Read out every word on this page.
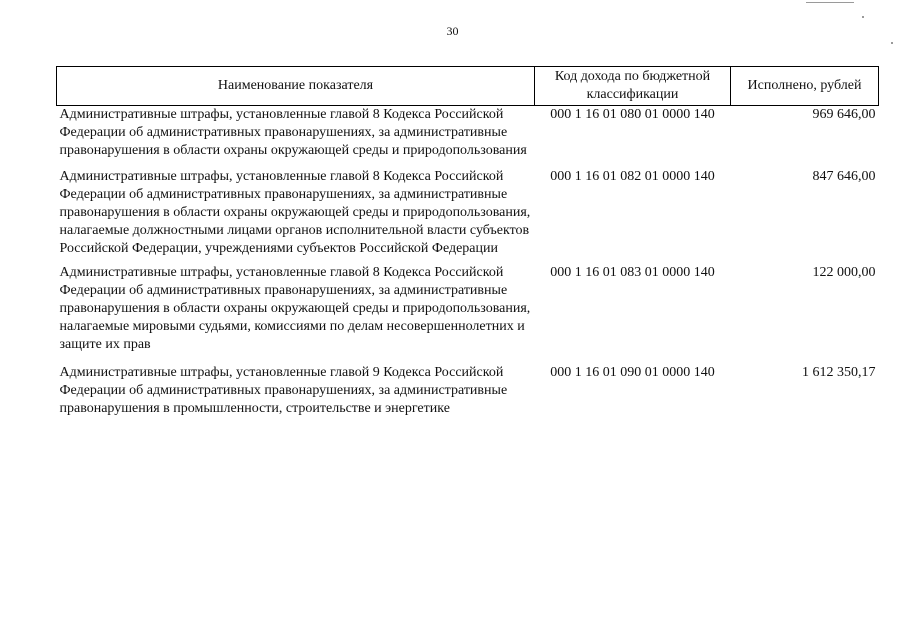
30
Наименование показателя	Код дохода по бюджетной классификации	Исполнено, рублей
Административные штрафы, установленные главой 8 Кодекса Российской Федерации об административных правонарушениях, за административные правонарушения в области охраны окружающей среды и природопользования	000 1 16 01 080 01 0000 140	969 646,00
Административные штрафы, установленные главой 8 Кодекса Российской Федерации об административных правонарушениях, за административные правонарушения в области охраны окружающей среды и природопользования, налагаемые должностными лицами органов исполнительной власти субъектов Российской Федерации, учреждениями субъектов Российской Федерации	000 1 16 01 082 01 0000 140	847 646,00
Административные штрафы, установленные главой 8 Кодекса Российской Федерации об административных правонарушениях, за административные правонарушения в области охраны окружающей среды и природопользования, налагаемые мировыми судьями, комиссиями по делам несовершеннолетних и защите их прав	000 1 16 01 083 01 0000 140	122 000,00
Административные штрафы, установленные главой 9 Кодекса Российской Федерации об административных правонарушениях, за административные правонарушения в промышленности, строительстве и энергетике	000 1 16 01 090 01 0000 140	1 612 350,17
